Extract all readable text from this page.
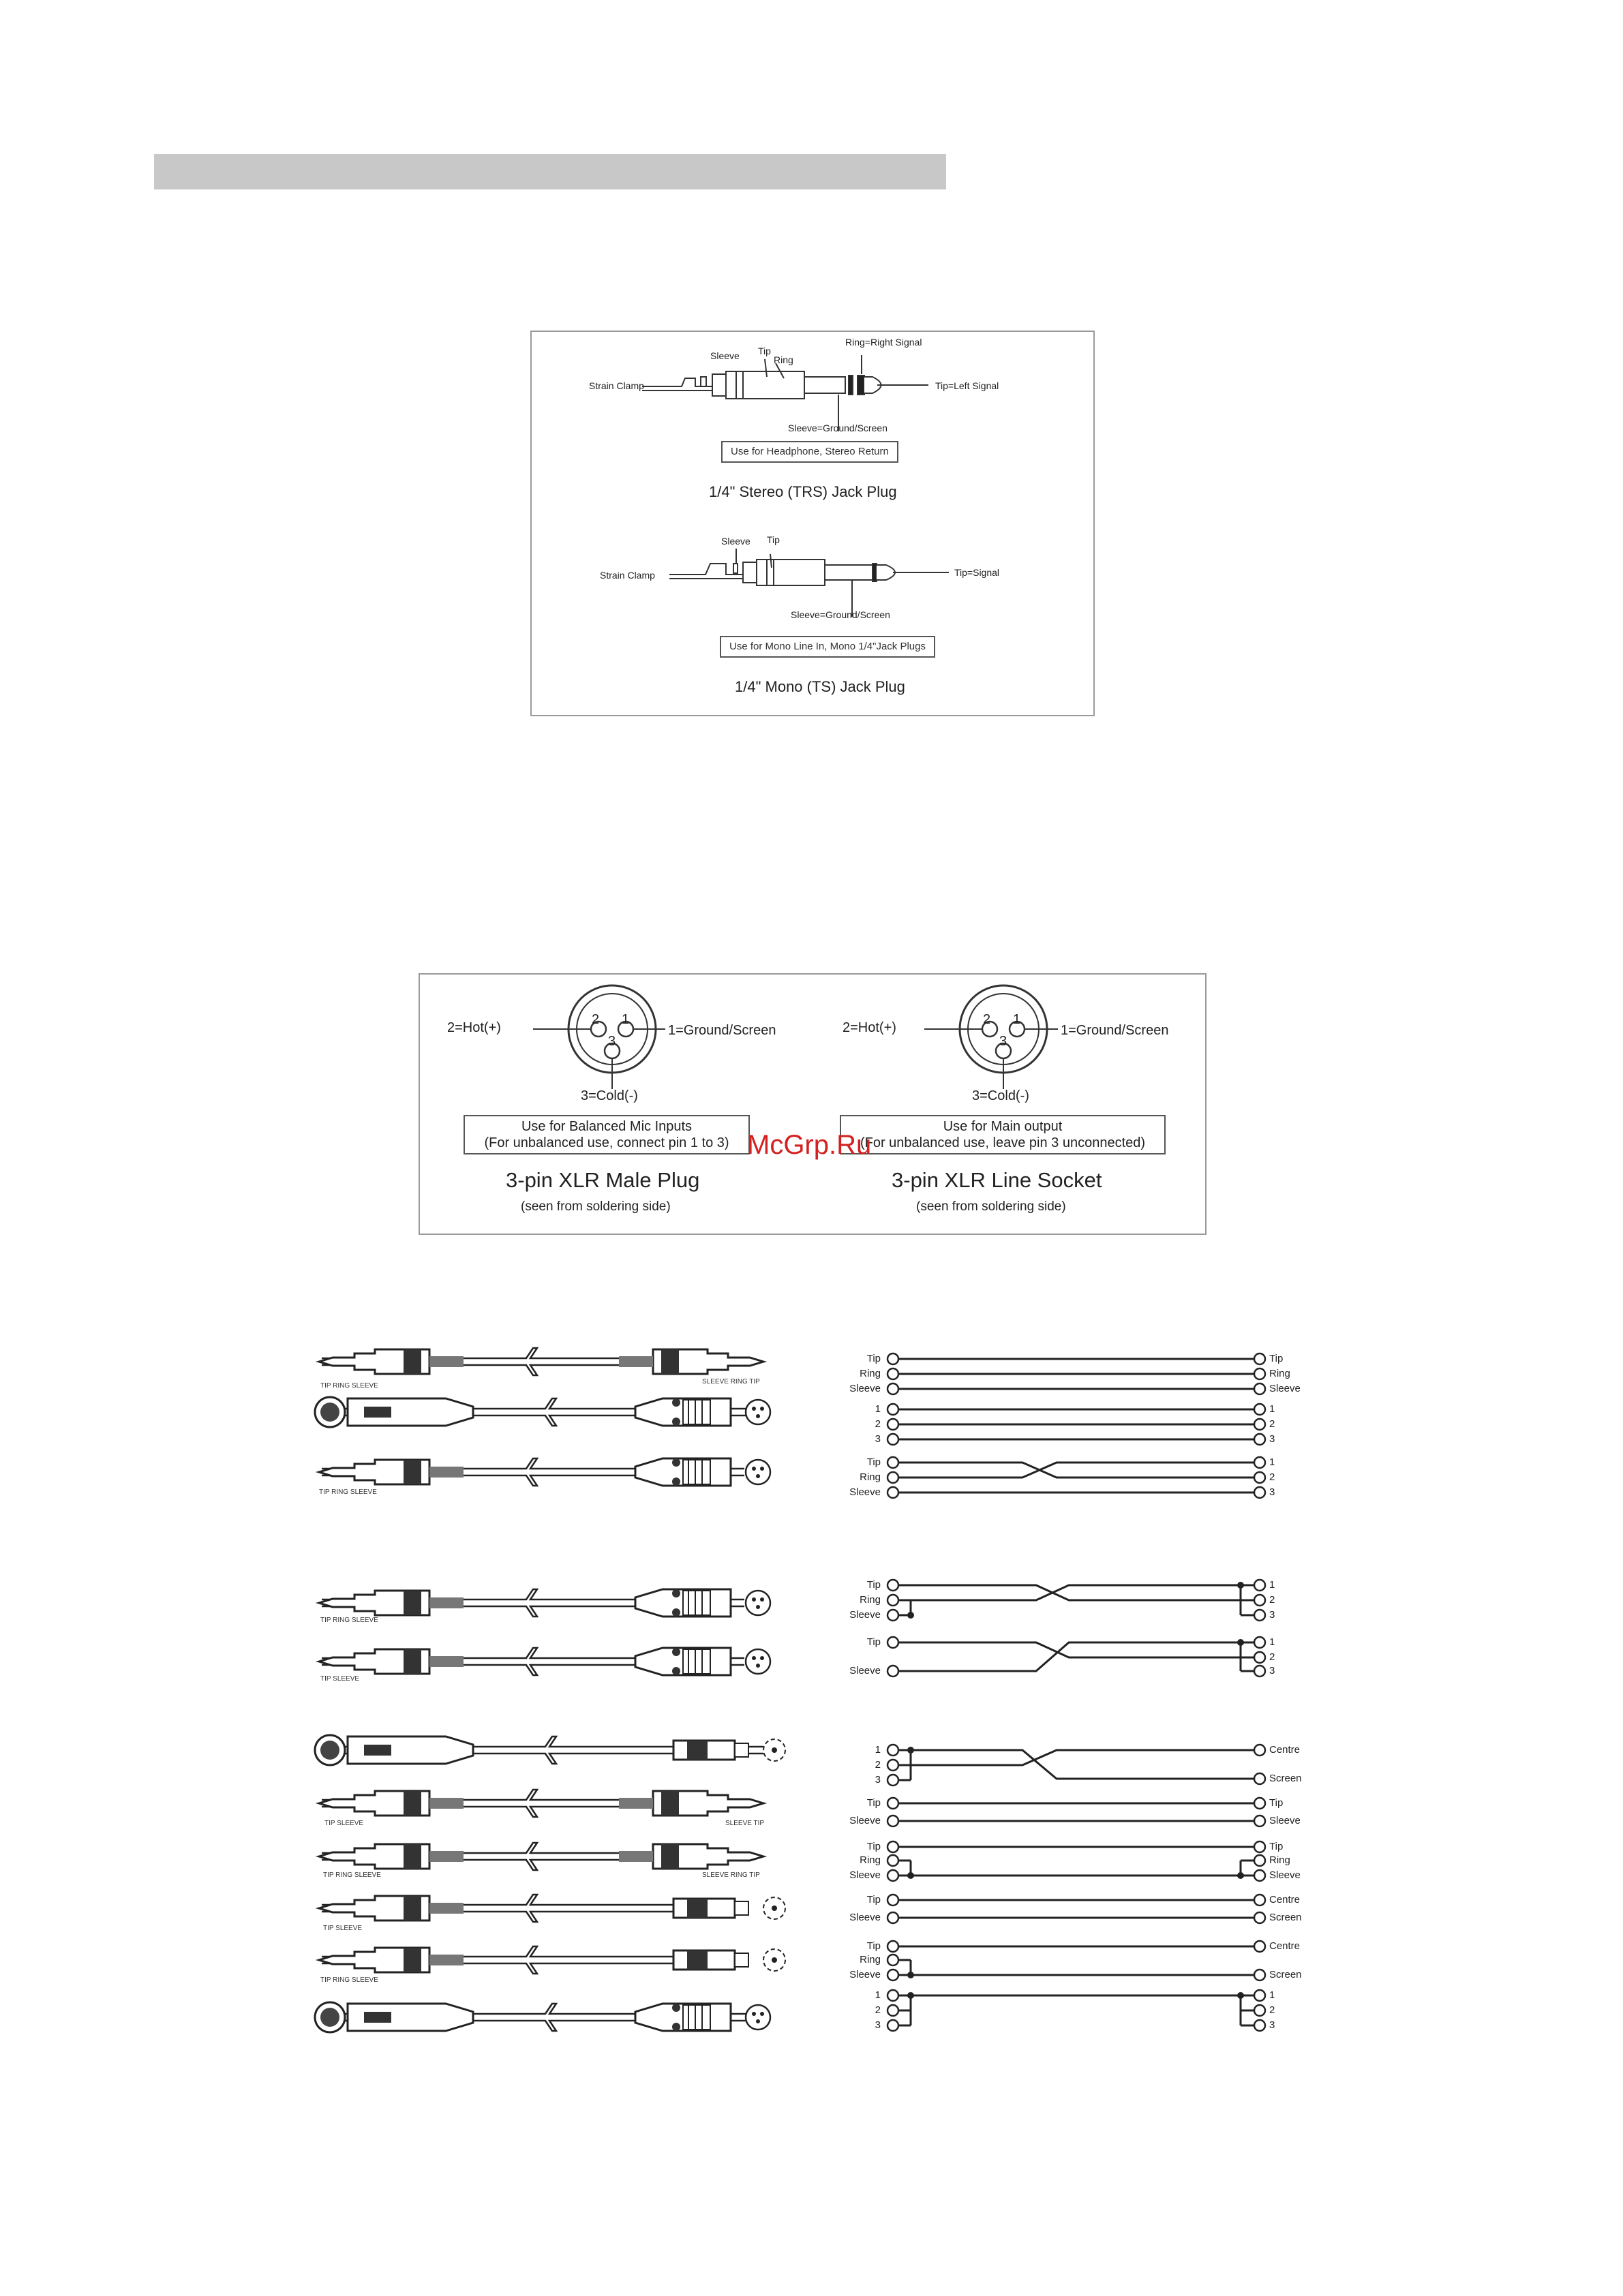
Strain Clamp
Sleeve Tip
Ring
Ring=Right Signal
Tip=Left Signal
Sleeve=Ground/Screen
Strain Clamp
Sleeve Tip
Tip=Signal
Sleeve=Ground/Screen
Use for Headphone, Stereo Return
1/4" Stereo (TRS) Jack Plug
Use for Mono Line In, Mono 1/4"Jack Plugs
1/4" Mono (TS) Jack Plug
2 1
3
2=Hot(+)	1=Ground/Screen
3=Cold(-)
2 1
3
2=Hot(+)	1=Ground/Screen
3=Cold(-)
Use for Balanced Mic Inputs
(For unbalanced use, connect pin 1 to 3)
Use for Main output
(For unbalanced use, leave pin 3 unconnected)
3-pin XLR Male Plug
(seen from soldering side)
3-pin XLR Line Socket
(seen from soldering side)
McGrp.Ru
TIP RING SLEEVE
SLEEVE RING TIP
TIP RING SLEEVE
TIP RING SLEEVE
TIP SLEEVE
TIP SLEEVE	SLEEVE TIP
TIP RING SLEEVE	SLEEVE RING TIP
TIP SLEEVE
TIP RING SLEEVE
Tip
Ring
Sleeve
Tip
Ring
Sleeve
1
2
3
1
2
3
Tip
Ring
Sleeve
1
2
3
Tip
Ring
Sleeve
1
2
3
Tip
Sleeve
1
2
3
1
2
3
Centre
Screen
Tip
Sleeve
Tip
Sleeve
Tip
Ring
Sleeve
Tip
Ring
Sleeve
Tip
Sleeve
Centre
Screen
Tip
Ring
Sleeve
Centre
Screen
1
2
3
1
2
3
